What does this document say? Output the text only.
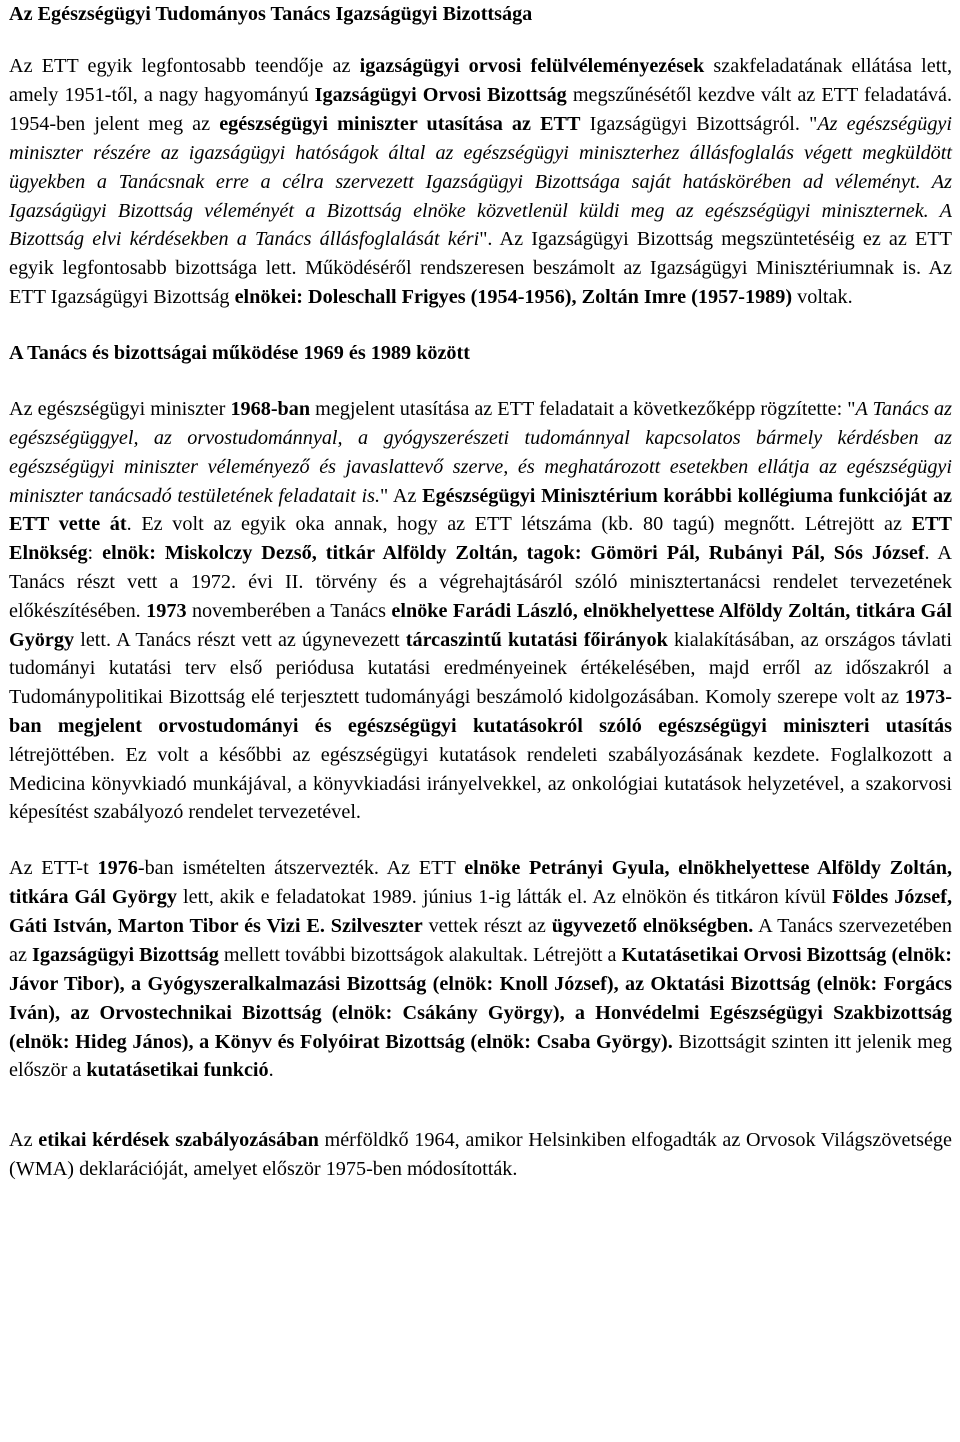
Az Egészségügyi Tudományos Tanács Igazságügyi Bizottsága

Az ETT egyik legfontosabb teendője az igazságügyi orvosi felülvéleményezések szakfeladatának ellátása lett, amely 1951-től, a nagy hagyományú Igazságügyi Orvosi Bizottság megszűnésétől kezdve vált az ETT feladatává. 1954-ben jelent meg az egészségügyi miniszter utasítása az ETT Igazságügyi Bizottságról. "Az egészségügyi miniszter részére az igazságügyi hatóságok által az egészségügyi miniszterhez állásfoglalás végett megküldött ügyekben a Tanácsnak erre a célra szervezett Igazságügyi Bizottsága saját hatáskörében ad véleményt. Az Igazságügyi Bizottság véleményét a Bizottság elnöke közvetlenül küldi meg az egészségügyi miniszternek. A Bizottság elvi kérdésekben a Tanács állásfoglalását kéri". Az Igazságügyi Bizottság megszüntetéséig ez az ETT egyik legfontosabb bizottsága lett. Működéséről rendszeresen beszámolt az Igazságügyi Minisztériumnak is. Az ETT Igazságügyi Bizottság elnökei: Doleschall Frigyes (1954-1956), Zoltán Imre (1957-1989) voltak.

A Tanács és bizottságai működése 1969 és 1989 között

Az egészségügyi miniszter 1968-ban megjelent utasítása az ETT feladatait a következőképp rögzítette: "A Tanács az egészségüggyel, az orvostudománnyal, a gyógyszerészeti tudománnyal kapcsolatos bármely kérdésben az egészségügyi miniszter véleményező és javaslattevő szerve, és meghatározott esetekben ellátja az egészségügyi miniszter tanácsadó testületének feladatait is." Az Egészségügyi Minisztérium korábbi kollégiuma funkcióját az ETT vette át. Ez volt az egyik oka annak, hogy az ETT létszáma (kb. 80 tagú) megnőtt. Létrejött az ETT Elnökség: elnök: Miskolczy Dezső, titkár Alföldy Zoltán, tagok: Gömöri Pál, Rubányi Pál, Sós József. A Tanács részt vett a 1972. évi II. törvény és a végrehajtásáról szóló minisztertanácsi rendelet tervezetének előkészítésében. 1973 novemberében a Tanács elnöke Farádi László, elnökhelyettese Alföldy Zoltán, titkára Gál György lett. A Tanács részt vett az úgynevezett tárcaszintű kutatási főirányok kialakításában, az országos távlati tudományi kutatási terv első periódusa kutatási eredményeinek értékelésében, majd erről az időszakról a Tudománypolitikai Bizottság elé terjesztett tudományági beszámoló kidolgozásában. Komoly szerepe volt az 1973-ban megjelent orvostudományi és egészségügyi kutatásokról szóló egészségügyi miniszteri utasítás létrejöttében. Ez volt a későbbi az egészségügyi kutatások rendeleti szabályozásának kezdete. Foglalkozott a Medicina könyvkiadó munkájával, a könyvkiadási irányelvekkel, az onkológiai kutatások helyzetével, a szakorvosi képesítést szabályozó rendelet tervezetével.

Az ETT-t 1976-ban ismételten átszervezték. Az ETT elnöke Petrányi Gyula, elnökhelyettese Alföldy Zoltán, titkára Gál György lett, akik e feladatokat 1989. június 1-ig látták el. Az elnökön és titkáron kívül Földes József, Gáti István, Marton Tibor és Vizi E. Szilveszter vettek részt az ügyvezető elnökségben. A Tanács szervezetében az Igazságügyi Bizottság mellett további bizottságok alakultak. Létrejött a Kutatásetikai Orvosi Bizottság (elnök: Jávor Tibor), a Gyógyszeralkalmazási Bizottság (elnök: Knoll József), az Oktatási Bizottság (elnök: Forgács Iván), az Orvostechnikai Bizottság (elnök: Csákány György), a Honvédelmi Egészségügyi Szakbizottság (elnök: Hideg János), a Könyv és Folyóirat Bizottság (elnök: Csaba György). Bizottságit szinten itt jelenik meg először a kutatásetikai funkció.

Az etikai kérdések szabályozásában mérföldkő 1964, amikor Helsinkiben elfogadták az Orvosok Világszövetsége (WMA) deklarációját, amelyet először 1975-ben módosították.
